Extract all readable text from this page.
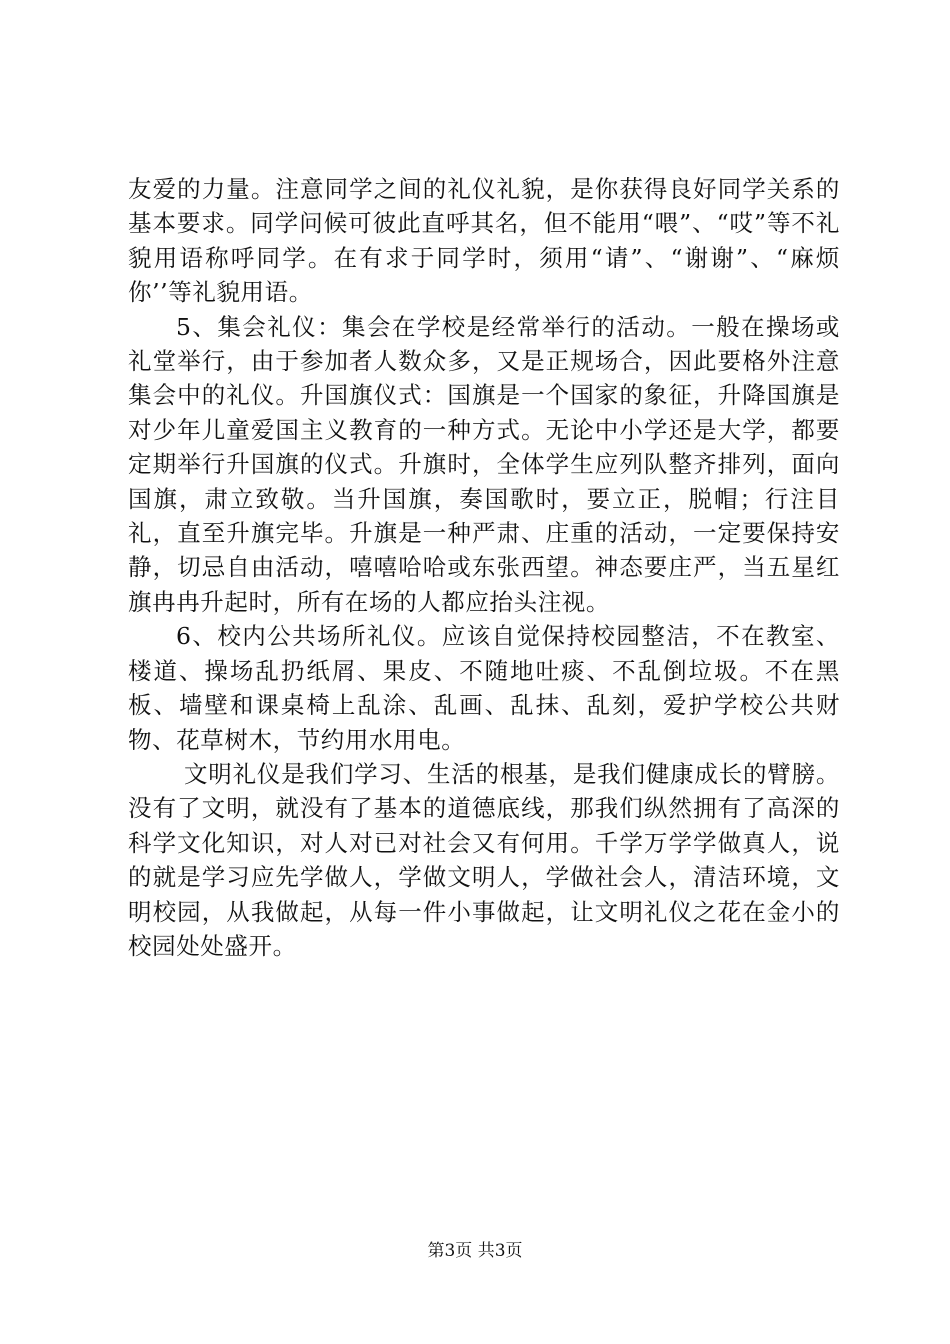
友爱的力量。注意同学之间的礼仪礼貌，是你获得良好同学关系的基本要求。同学问候可彼此直呼其名，但不能用“喂”、“哎”等不礼貌用语称呼同学。在有求于同学时，须用“请”、“谢谢”、“麻烦你’’等礼貌用语。

5、集会礼仪：集会在学校是经常举行的活动。一般在操场或礼堂举行，由于参加者人数众多，又是正规场合，因此要格外注意集会中的礼仪。升国旗仪式：国旗是一个国家的象征，升降国旗是对少年儿童爱国主义教育的一种方式。无论中小学还是大学，都要定期举行升国旗的仪式。升旗时，全体学生应列队整齐排列，面向国旗，肃立致敬。当升国旗，奏国歌时，要立正，脱帽；行注目礼，直至升旗完毕。升旗是一种严肃、庄重的活动，一定要保持安静，切忌自由活动，嘻嘻哈哈或东张西望。神态要庄严，当五星红旗冉冉升起时，所有在场的人都应抬头注视。

6、校内公共场所礼仪。应该自觉保持校园整洁，不在教室、楼道、操场乱扔纸屑、果皮、不随地吐痰、不乱倒垃圾。不在黑板、墙壁和课桌椅上乱涂、乱画、乱抹、乱刻，爱护学校公共财物、花草树木，节约用水用电。

文明礼仪是我们学习、生活的根基，是我们健康成长的臂膀。没有了文明，就没有了基本的道德底线，那我们纵然拥有了高深的科学文化知识，对人对已对社会又有何用。千学万学学做真人，说的就是学习应先学做人，学做文明人，学做社会人，清洁环境，文明校园，从我做起，从每一件小事做起，让文明礼仪之花在金小的校园处处盛开。

第3页 共3页
